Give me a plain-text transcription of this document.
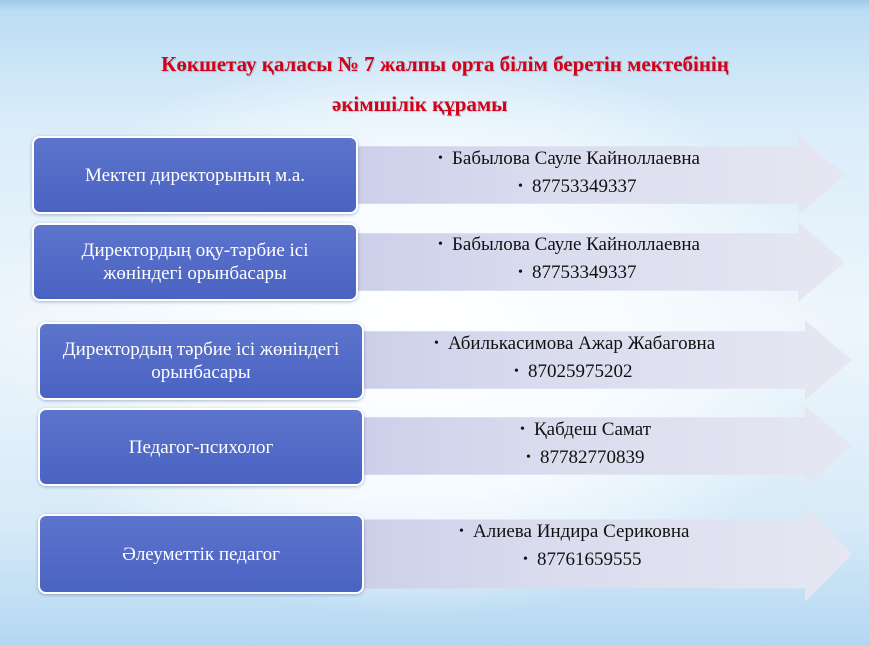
Көкшетау қаласы № 7 жалпы орта білім беретін мектебінің
әкімшілік құрамы
Мектеп директорының м.а.
• Бабылова Сауле Кайноллаевна
• 87753349337
Директордың оқу-тәрбие ісі жөніндегі орынбасары
• Бабылова Сауле Кайноллаевна
• 87753349337
Директордың тәрбие ісі жөніндегі орынбасары
• Абилькасимова Ажар Жабаговна
• 87025975202
Педагог-психолог
• Қабдеш Самат
• 87782770839
Әлеуметтік педагог
• Алиева Индира Сериковна
• 87761659555
